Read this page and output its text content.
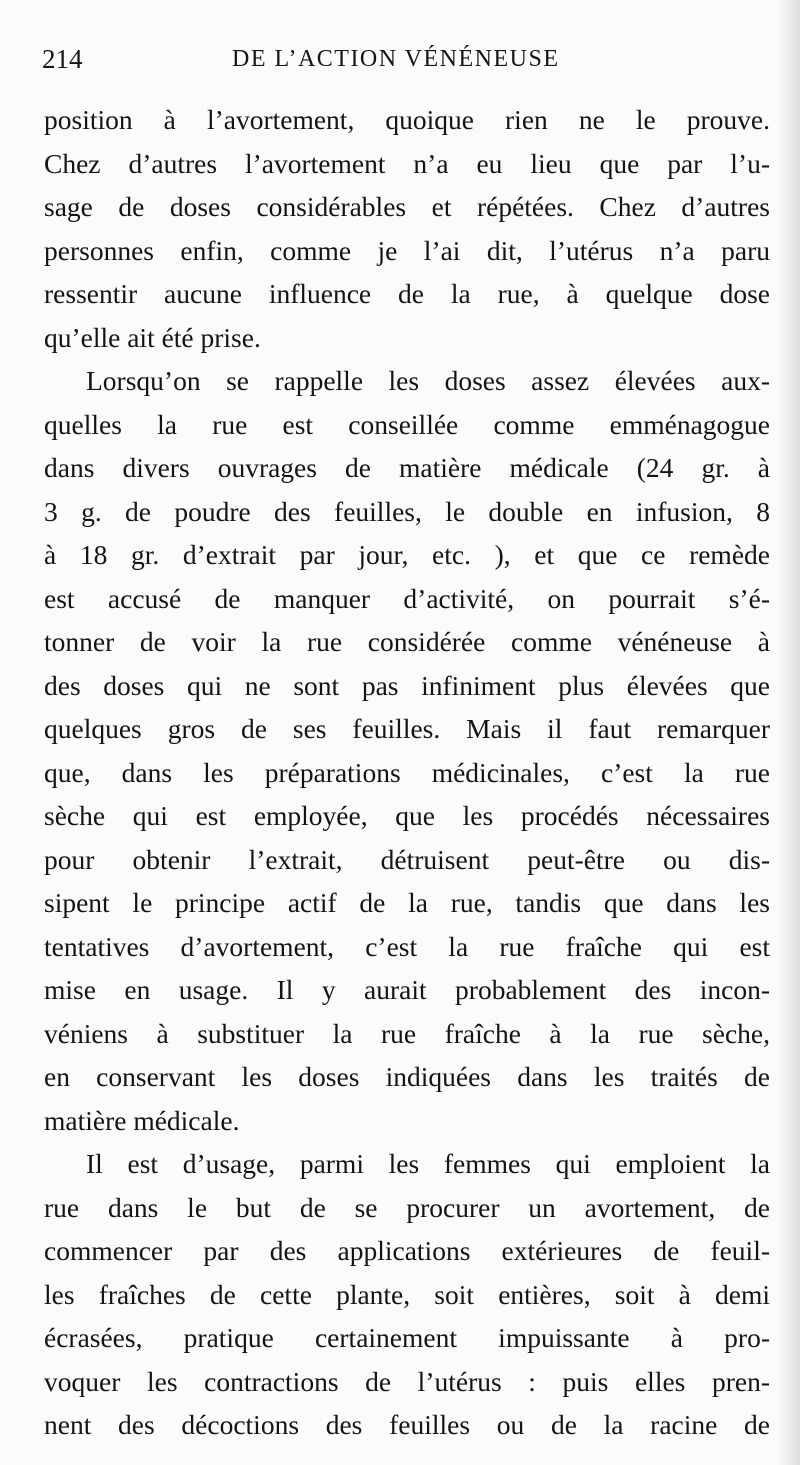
214	DE L’ACTION VÉNÉNEUSE
position à l’avortement, quoique rien ne le prouve.
Chez d’autres l’avortement n’a eu lieu que par l’u-
sage de doses considérables et répétées. Chez d’autres
personnes enfin, comme je l’ai dit, l’utérus n’a paru
ressentir aucune influence de la rue, à quelque dose
qu’elle ait été prise.
Lorsqu’on se rappelle les doses assez élevées aux-
quelles la rue est conseillée comme emménagogue
dans divers ouvrages de matière médicale (24 gr. à
3 g. de poudre des feuilles, le double en infusion, 8
à 18 gr. d’extrait par jour, etc. ), et que ce remède
est accusé de manquer d’activité, on pourrait s’é-
tonner de voir la rue considérée comme vénéneuse à
des doses qui ne sont pas infiniment plus élevées que
quelques gros de ses feuilles. Mais il faut remarquer
que, dans les préparations médicinales, c’est la rue
sèche qui est employée, que les procédés nécessaires
pour obtenir l’extrait, détruisent peut-être ou dis-
sipent le principe actif de la rue, tandis que dans les
tentatives d’avortement, c’est la rue fraîche qui est
mise en usage. Il y aurait probablement des incon-
véniens à substituer la rue fraîche à la rue sèche,
en conservant les doses indiquées dans les traités de
matière médicale.
Il est d’usage, parmi les femmes qui emploient la
rue dans le but de se procurer un avortement, de
commencer par des applications extérieures de feuil-
les fraîches de cette plante, soit entières, soit à demi
écrasées, pratique certainement impuissante à pro-
voquer les contractions de l’utérus : puis elles pren-
nent des décoctions des feuilles ou de la racine de
